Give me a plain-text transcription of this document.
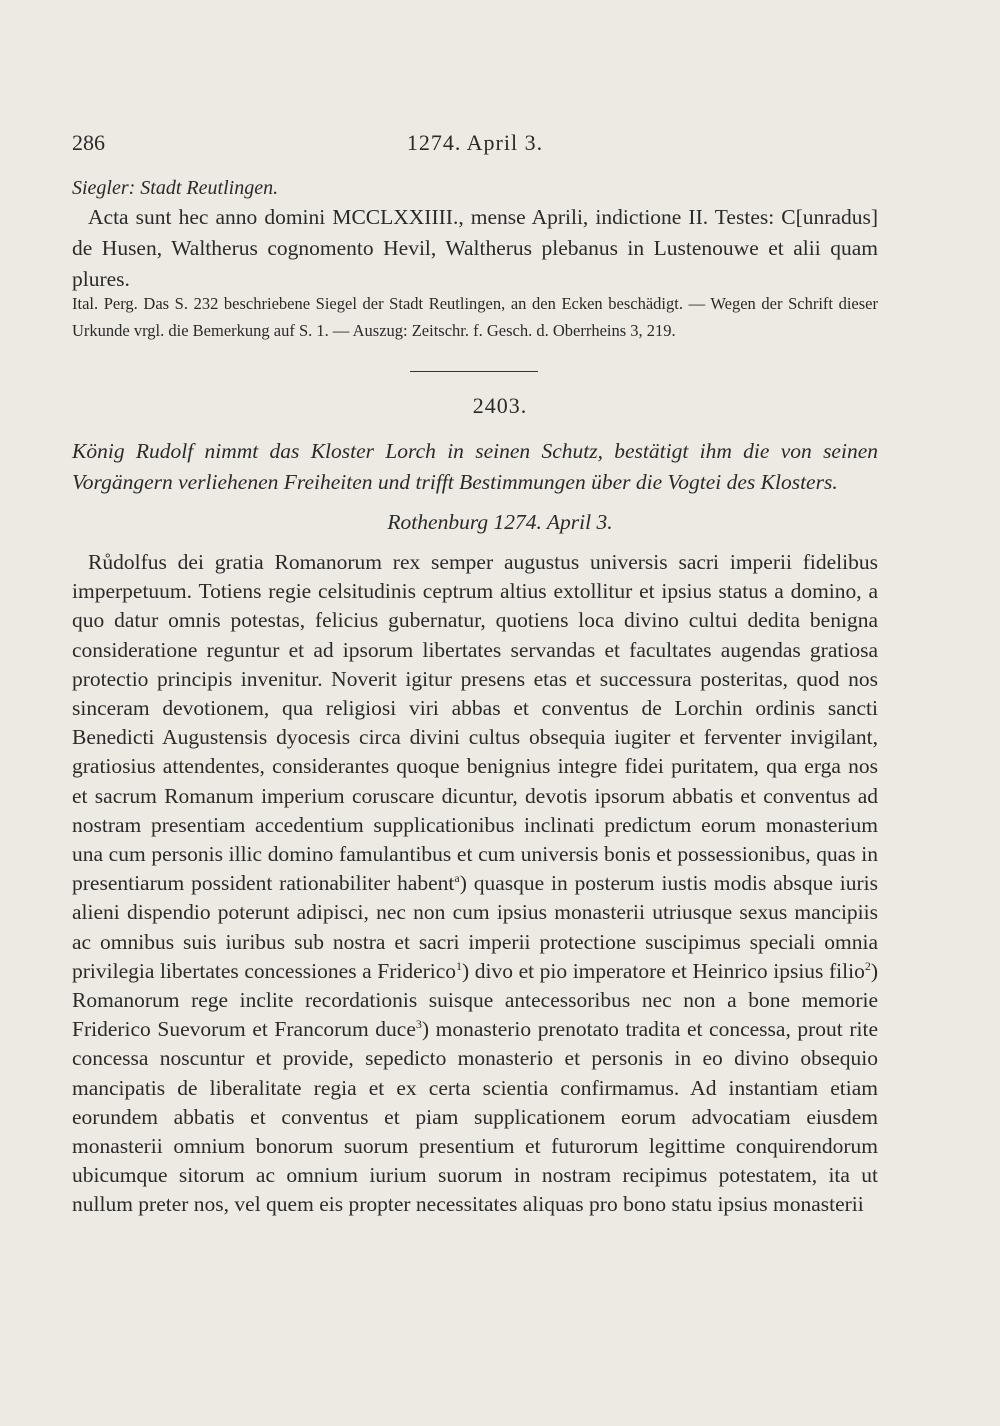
286	1274. April 3.
Siegler: Stadt Reutlingen.

Acta sunt hec anno domini MCCLXXIIII., mense Aprili, indictione II. Testes: C[unradus] de Husen, Waltherus cognomento Hevil, Waltherus plebanus in Lustenouwe et alii quam plures.

Ital. Perg. Das S. 232 beschriebene Siegel der Stadt Reutlingen, an den Ecken beschädigt. — Wegen der Schrift dieser Urkunde vrgl. die Bemerkung auf S. 1. — Auszug: Zeitschr. f. Gesch. d. Oberrheins 3, 219.
2403.
König Rudolf nimmt das Kloster Lorch in seinen Schutz, bestätigt ihm die von seinen Vorgängern verliehenen Freiheiten und trifft Bestimmungen über die Vogtei des Klosters.
Rothenburg 1274. April 3.

Růdolfus dei gratia Romanorum rex semper augustus universis sacri imperii fidelibus imperpetuum. Totiens regie celsitudinis ceptrum altius extollitur et ipsius status a domino, a quo datur omnis potestas, felicius gubernatur, quotiens loca divino cultui dedita benigna consideratione reguntur et ad ipsorum libertates servandas et facultates augendas gratiosa protectio principis invenitur. Noverit igitur presens etas et successura posteritas, quod nos sinceram devotionem, qua religiosi viri abbas et conventus de Lorchin ordinis sancti Benedicti Augustensis dyocesis circa divini cultus obsequia iugiter et ferventer invigilant, gratiosius attendentes, considerantes quoque benignius integre fidei puritatem, qua erga nos et sacrum Romanum imperium coruscare dicuntur, devotis ipsorum abbatis et conventus ad nostram presentiam accedentium supplicationibus inclinati predictum eorum monasterium una cum personis illic domino famulantibus et cum universis bonis et possessionibus, quas in presentiarum possident rationabiliter habent$^a$) quasque in posterum iustis modis absque iuris alieni dispendio poterunt adipisci, nec non cum ipsius monasterii utriusque sexus mancipiis ac omnibus suis iuribus sub nostra et sacri imperii protectione suscipimus speciali omnia privilegia libertates concessiones a Friderico$^1$) divo et pio imperatore et Heinrico ipsius filio$^2$) Romanorum rege inclite recordationis suisque antecessoribus nec non a bone memorie Friderico Suevorum et Francorum duce$^3$) monasterio prenotato tradita et concessa, prout rite concessa noscuntur et provide, sepedicto monasterio et personis in eo divino obsequio mancipatis de liberalitate regia et ex certa scientia confirmamus. Ad instantiam etiam eorundem abbatis et conventus et piam supplicationem eorum advocatiam eiusdem monasterii omnium bonorum suorum presentium et futurorum legittime conquirendorum ubicumque sitorum ac omnium iurium suorum in nostram recipimus potestatem, ita ut nullum preter nos, vel quem eis propter necessitates aliquas pro bono statu ipsius monasterii
